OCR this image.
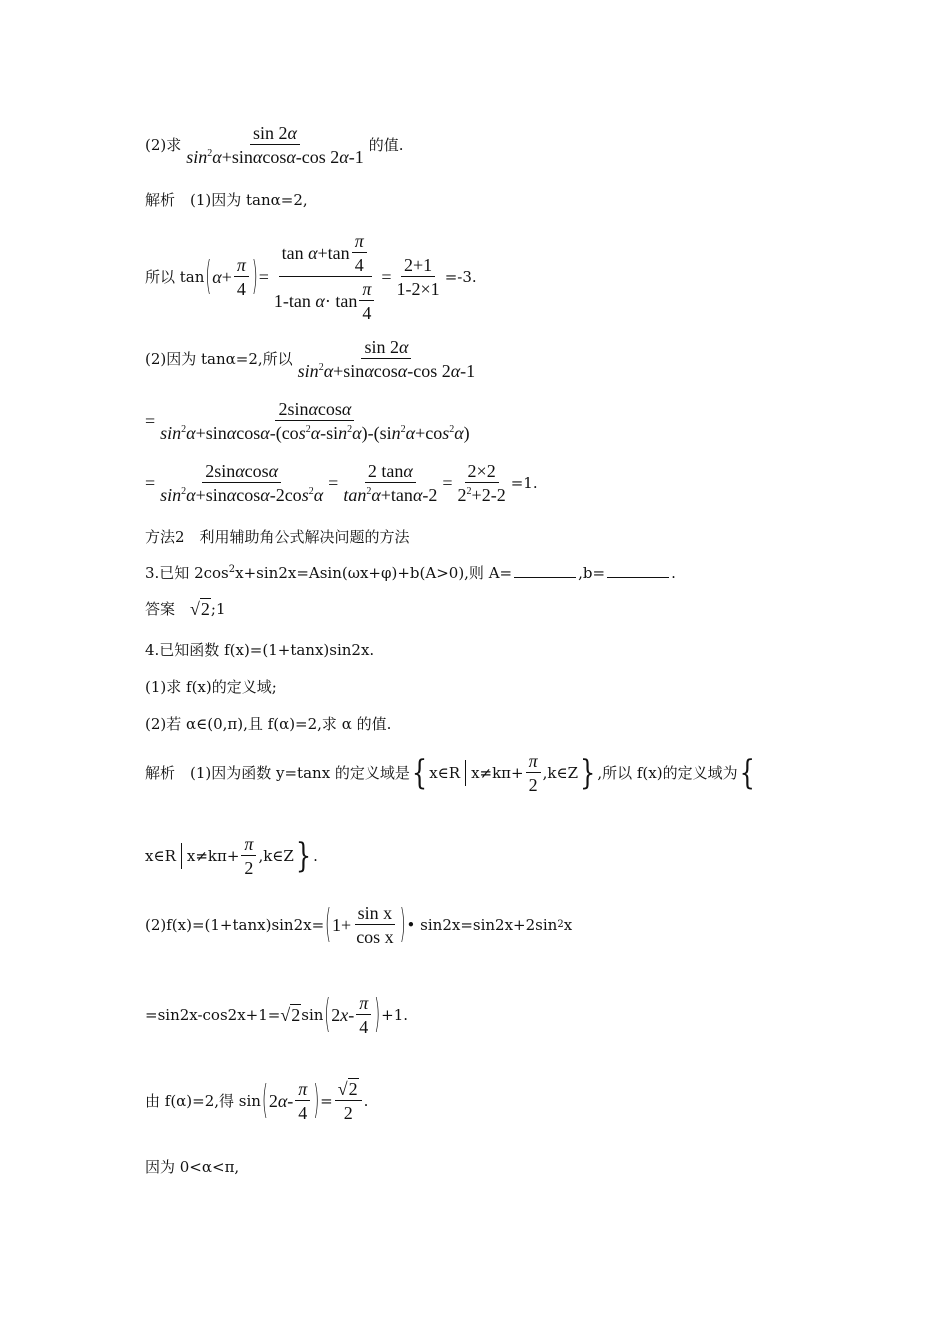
(2)求 $\frac{\sin 2\alpha}{\sin^2\alpha+\sin\alpha\cos\alpha-\cos 2\alpha-1}$ 的值.
解析　(1)因为 tanα=2,
所以 tan ( $\alpha+ \frac{\pi}{4}$ ) = tan
$\alpha +\tan \frac{\pi}{4}$
1-tan
$\alpha \cdot \tan \frac{\pi}{4} = \frac{2+1}{1-2\times 1} =-3$.
(2)因为 tanα=2,所以 $\frac{\sin 2\alpha}{\sin^2\alpha+\sin\alpha\cos\alpha-\cos 2\alpha-1}$
= $\frac{2\sin\alpha\cos\alpha}{\sin^2\alpha+\sin\alpha\cos\alpha-(\cos^2\alpha-\sin^2\alpha)-(\sin^2\alpha+\cos^2\alpha)}$
= $\frac{2\sin\alpha\cos\alpha}{\sin^2\alpha+\sin\alpha\cos\alpha-2\cos^2\alpha} = \frac{2 \tan\alpha}{\tan^2\alpha+\tan\alpha-2} = \frac{2\times 2}{2^2+2-2} =1$.
方法2　利用辅助角公式解决问题的方法
3.已知 $2\cos^2x+\sin 2x=Asin(\omega x+\varphi)+b(A>0)$,则 A=	,b=	.
答案　 √2 ;1
4.已知函数 f(x)=(1+tanx)sin2x.
(1)求 f(x)的定义域;
(2)若 α∈(0,π),且 f(α)=2,求 α 的值.
解析　(1)因为函数 y=tanx 的定义域是 { x∈R $x\ne k\pi+ \frac{\pi}{2}$ ,k∈Z } ,所以 f(x)的定义域为 {
x∈R $x\ne k\pi+ \frac{\pi}{2}$ ,k∈Z } .
(2)f(x)=(1+tanx)sin2x= ( $1+ \frac{\text{sin x}}{\text{cos x}}$ ) • sin2x=sin2x+2sin 2 x
=sin2x-cos2x+1= √2 sin ( $2x- \frac{\pi}{4}$ ) +1.
由 f(α)=2,得 sin ( $2\alpha- \frac{\pi}{4}$ ) = $\frac{√2}{2}$ .
因为 0<α<π,
